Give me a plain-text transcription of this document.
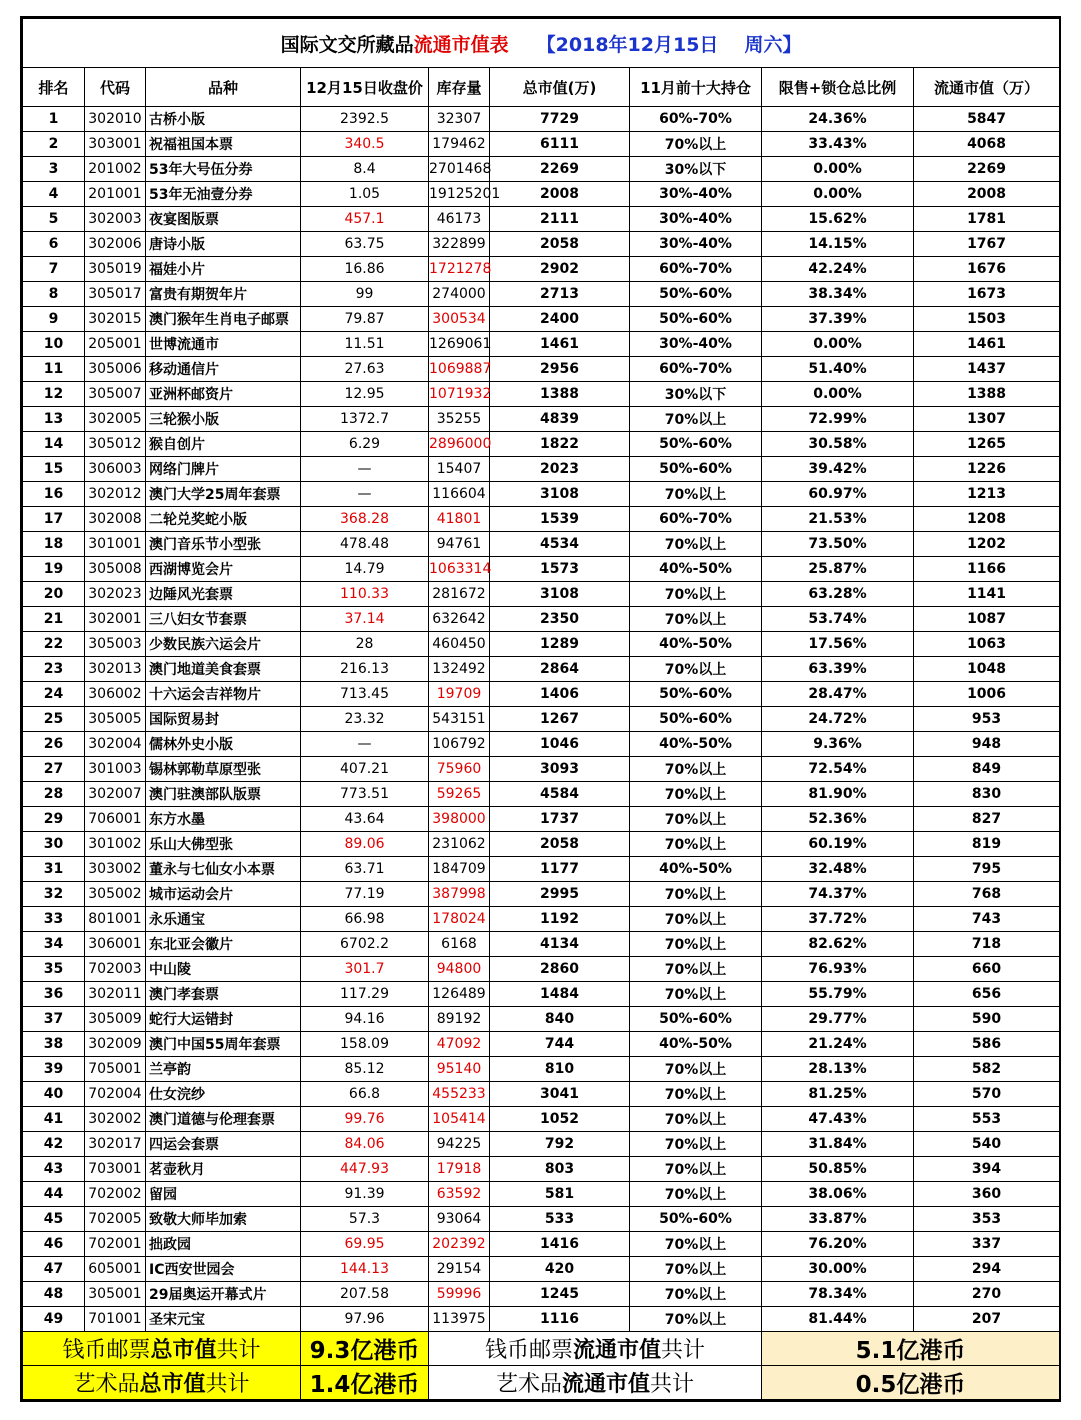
国际文交所藏品流通市值表 【2018年12月15日 周六】								
排名	代码	品种	12月15日收盘价	库存量	总市值(万)	11月前十大持仓	限售+锁仓总比例	流通市值（万）
1	302010	古桥小版	2392.5	32307	7729	60%-70%	24.36%	5847
2	303001	祝福祖国本票	340.5	179462	6111	70%以上	33.43%	4068
3	201002	53年大号伍分券	8.4	2701468	2269	30%以下	0.00%	2269
4	201001	53年无油壹分券	1.05	19125201	2008	30%-40%	0.00%	2008
5	302003	夜宴图版票	457.1	46173	2111	30%-40%	15.62%	1781
6	302006	唐诗小版	63.75	322899	2058	30%-40%	14.15%	1767
7	305019	福娃小片	16.86	1721278	2902	60%-70%	42.24%	1676
8	305017	富贵有期贺年片	99	274000	2713	50%-60%	38.34%	1673
9	302015	澳门猴年生肖电子邮票	79.87	300534	2400	50%-60%	37.39%	1503
10	205001	世博流通市	11.51	1269061	1461	30%-40%	0.00%	1461
11	305006	移动通信片	27.63	1069887	2956	60%-70%	51.40%	1437
12	305007	亚洲杯邮资片	12.95	1071932	1388	30%以下	0.00%	1388
13	302005	三轮猴小版	1372.7	35255	4839	70%以上	72.99%	1307
14	305012	猴自创片	6.29	2896000	1822	50%-60%	30.58%	1265
15	306003	网络门牌片	—	15407	2023	50%-60%	39.42%	1226
16	302012	澳门大学25周年套票	—	116604	3108	70%以上	60.97%	1213
17	302008	二轮兑奖蛇小版	368.28	41801	1539	60%-70%	21.53%	1208
18	301001	澳门音乐节小型张	478.48	94761	4534	70%以上	73.50%	1202
19	305008	西湖博览会片	14.79	1063314	1573	40%-50%	25.87%	1166
20	302023	边陲风光套票	110.33	281672	3108	70%以上	63.28%	1141
21	302001	三八妇女节套票	37.14	632642	2350	70%以上	53.74%	1087
22	305003	少数民族六运会片	28	460450	1289	40%-50%	17.56%	1063
23	302013	澳门地道美食套票	216.13	132492	2864	70%以上	63.39%	1048
24	306002	十六运会吉祥物片	713.45	19709	1406	50%-60%	28.47%	1006
25	305005	国际贸易封	23.32	543151	1267	50%-60%	24.72%	953
26	302004	儒林外史小版	—	106792	1046	40%-50%	9.36%	948
27	301003	锡林郭勒草原型张	407.21	75960	3093	70%以上	72.54%	849
28	302007	澳门驻澳部队版票	773.51	59265	4584	70%以上	81.90%	830
29	706001	东方水墨	43.64	398000	1737	70%以上	52.36%	827
30	301002	乐山大佛型张	89.06	231062	2058	70%以上	60.19%	819
31	303002	董永与七仙女小本票	63.71	184709	1177	40%-50%	32.48%	795
32	305002	城市运动会片	77.19	387998	2995	70%以上	74.37%	768
33	801001	永乐通宝	66.98	178024	1192	70%以上	37.72%	743
34	306001	东北亚会徽片	6702.2	6168	4134	70%以上	82.62%	718
35	702003	中山陵	301.7	94800	2860	70%以上	76.93%	660
36	302011	澳门孝套票	117.29	126489	1484	70%以上	55.79%	656
37	305009	蛇行大运错封	94.16	89192	840	50%-60%	29.77%	590
38	302009	澳门中国55周年套票	158.09	47092	744	40%-50%	21.24%	586
39	705001	兰亭韵	85.12	95140	810	70%以上	28.13%	582
40	702004	仕女浣纱	66.8	455233	3041	70%以上	81.25%	570
41	302002	澳门道德与伦理套票	99.76	105414	1052	70%以上	47.43%	553
42	302017	四运会套票	84.06	94225	792	70%以上	31.84%	540
43	703001	茗壶秋月	447.93	17918	803	70%以上	50.85%	394
44	702002	留园	91.39	63592	581	70%以上	38.06%	360
45	702005	致敬大师毕加索	57.3	93064	533	50%-60%	33.87%	353
46	702001	拙政园	69.95	202392	1416	70%以上	76.20%	337
47	605001	IC西安世园会	144.13	29154	420	70%以上	30.00%	294
48	305001	29届奥运开幕式片	207.58	59996	1245	70%以上	78.34%	270
49	701001	圣宋元宝	97.96	113975	1116	70%以上	81.44%	207
钱币邮票总市值共计			9.3亿港币	钱币邮票流通市值共计			5.1亿港币	
艺术品总市值共计			1.4亿港币	艺术品流通市值共计			0.5亿港币	
